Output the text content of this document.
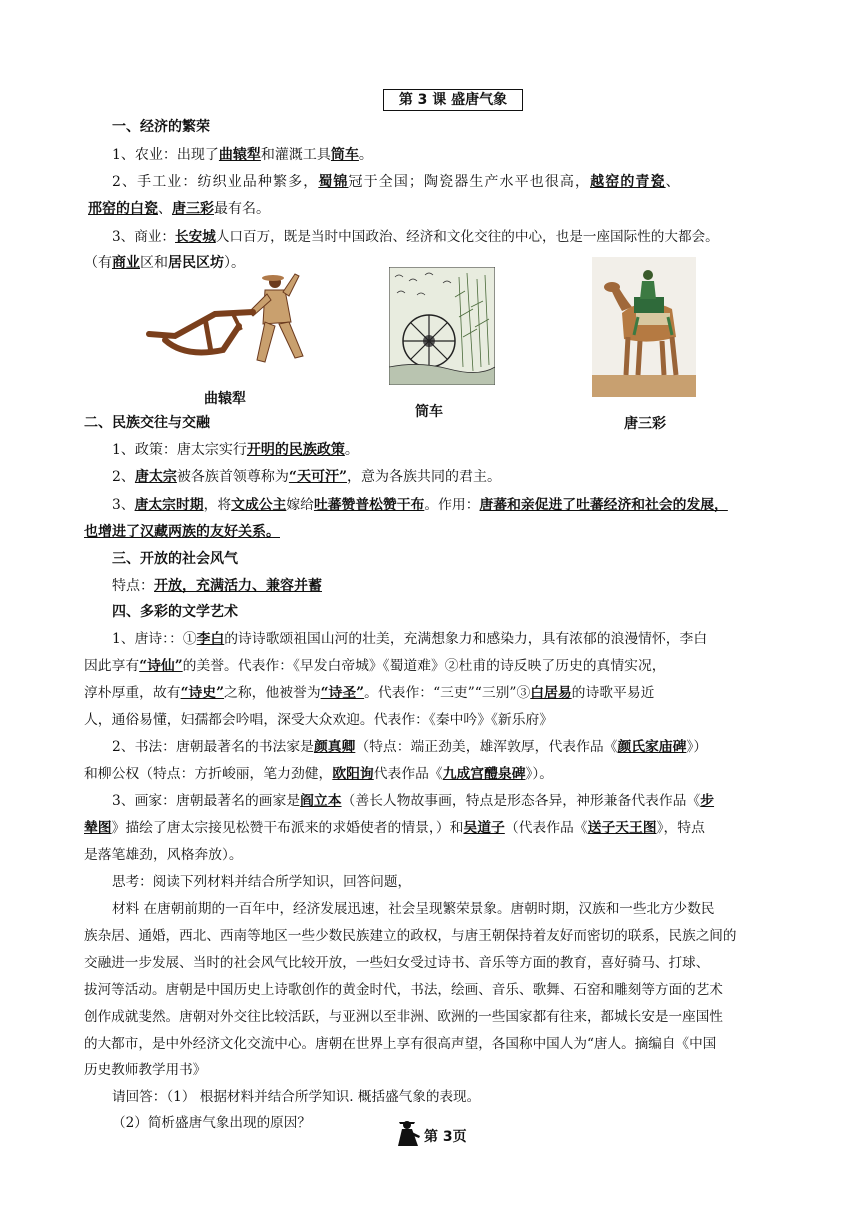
第 3 课 盛唐气象
一、经济的繁荣
1、农业：出现了曲辕犁和灌溉工具筒车。
2、手工业：纺织业品种繁多，蜀锦冠于全国；陶瓷器生产水平也很高，越窑的青瓷、
邢窑的白瓷、唐三彩最有名。
3、商业：长安城人口百万，既是当时中国政治、经济和文化交往的中心，也是一座国际性的大都会。
（有商业区和居民区坊）。
曲辕犁
筒车
唐三彩
二、民族交往与交融
1、政策：唐太宗实行开明的民族政策。
2、唐太宗被各族首领尊称为“天可汗”，意为各族共同的君主。
3、唐太宗时期，将文成公主嫁给吐蕃赞普松赞干布。作用：唐蕃和亲促进了吐蕃经济和社会的发展，
也增进了汉藏两族的友好关系。
三、开放的社会风气
特点：开放，充满活力、兼容并蓄
四、多彩的文学艺术
1、唐诗：：①李白的诗诗歌颂祖国山河的壮美，充满想象力和感染力，具有浓郁的浪漫情怀，李白
因此享有“诗仙”的美誉。代表作：《早发白帝城》《蜀道难》②杜甫的诗反映了历史的真情实况，
淳朴厚重，故有“诗史”之称，他被誉为“诗圣”。代表作：“三吏”“三别”③白居易的诗歌平易近
人，通俗易懂，妇孺都会吟唱，深受大众欢迎。代表作：《秦中吟》《新乐府》
2、书法：唐朝最著名的书法家是颜真卿（特点：端正劲美，雄浑敦厚，代表作品《颜氏家庙碑》）
和柳公权（特点：方折峻丽，笔力劲健，欧阳询代表作品《九成宫醴泉碑》）。
3、画家：唐朝最著名的画家是阎立本（善长人物故事画，特点是形态各异，神形兼备代表作品《步
辇图》描绘了唐太宗接见松赞干布派来的求婚使者的情景，）和吴道子（代表作品《送子天王图》，特点
是落笔雄劲，风格奔放）。
思考：阅读下列材料并结合所学知识，回答问题，
材料 在唐朝前期的一百年中，经济发展迅速，社会呈现繁荣景象。唐朝时期，汉族和一些北方少数民
族杂居、通婚，西北、西南等地区一些少数民族建立的政权，与唐王朝保持着友好而密切的联系，民族之间的
交融进一步发展、当时的社会风气比较开放，一些妇女受过诗书、音乐等方面的教育，喜好骑马、打球、
拔河等活动。唐朝是中国历史上诗歌创作的黄金时代，书法，绘画、音乐、歌舞、石窑和雕刻等方面的艺术
创作成就斐然。唐朝对外交往比较活跃，与亚洲以至非洲、欧洲的一些国家都有往来，都城长安是一座国性
的大都市，是中外经济文化交流中心。唐朝在世界上享有很高声望，各国称中国人为“唐人。摘编自《中国
历史教师教学用书》
请回答：（1） 根据材料并结合所学知识. 概括盛气象的表现。
（2）简析盛唐气象出现的原因？
第 3页
